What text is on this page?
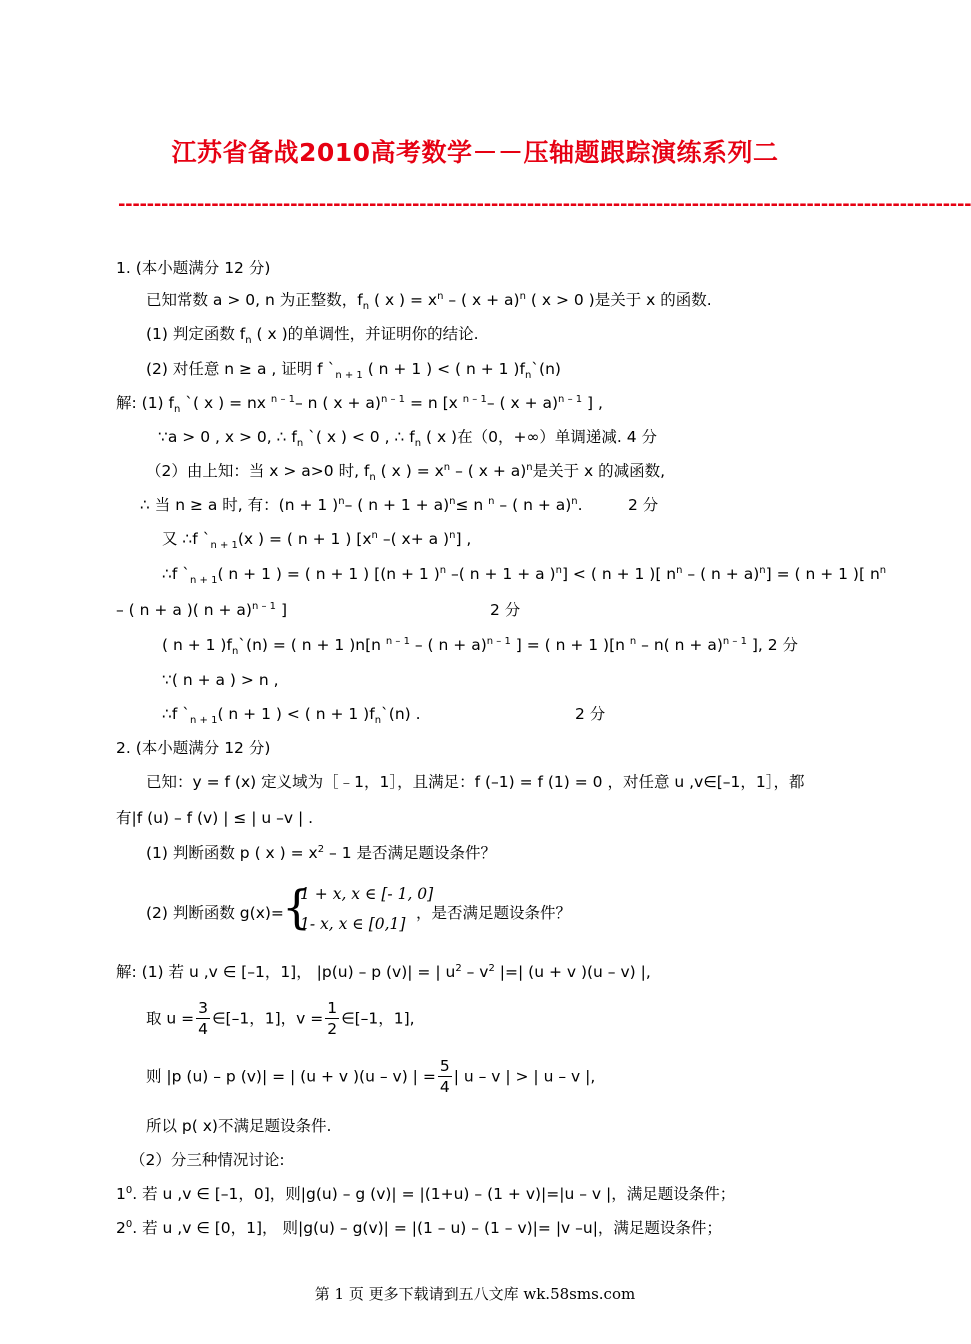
江苏省备战2010高考数学－－压轴题跟踪演练系列二
-----------------------------------------------------------------------------------------------------------------------
1. (本小题满分 12 分)
已知常数 a > 0, n 为正整数，$f_n$ ( x ) = $x^n$ – ( x + a)$^n$ ( x > 0 )是关于 x 的函数.
(1) 判定函数 $f_n$ ( x )的单调性，并证明你的结论.
(2) 对任意 n ≥ a , 证明 f $`_{n + 1}$ ( n + 1 ) < ( n + 1 )$f_n`(n)$
解: (1) $f_n$ `( x ) = nx $^{n - 1}$– n ( x + a)$^{n - 1}$ = n [x $^{n - 1}$– ( x + a)$^{n - 1}$ ] ,
∵a > 0 , x > 0, ∴ $f_n$ `( x ) < 0 , ∴ $f_n$ ( x )在（0，+∞）单调递减. 4 分
（2）由上知：当 x > a>0 时, $f_n$ ( x ) = $x^n$ – ( x + a)$^n$是关于 x 的减函数,
∴ 当 n ≥ a 时, 有：(n + 1 )$^n$– ( n + 1 + a)$^n$≤ n $^n$ – ( n + a)$^n$.	2 分
又 ∴f $`_{n + 1}(x$ ) = ( n + 1 ) [$x^n$ –( x+ a )$^n$] ,
∴f $`_{n + 1}$( n + 1 ) = ( n + 1 ) [(n + 1 )$^n$ –( n + 1 + a )$^n$] < ( n + 1 )[ $n^n$ – ( n + a)$^n$] = ( n + 1 )[ $n^n$
– ( n + a )( n + a)$^{n - 1}$ ]	2 分
( n + 1 )$f_n`(n)$ = ( n + 1 )n[n $^{n - 1}$ – ( n + a)$^{n - 1}$ ] = ( n + 1 )[n $^n$ – n( n + a)$^{n - 1}$ ], 2 分
∵( n + a ) > n ,
∴f $`_{n + 1}$( n + 1 ) < ( n + 1 )$f_n`(n)$ .	2 分
2. (本小题满分 12 分)
已知：y = f (x) 定义域为［﹣1，1］，且满足：f (–1) = f (1) = 0 ，对任意 u ,v∈[–1，1］，都
有|f (u) – f (v) | ≤ | u –v | .
(1) 判断函数 p ( x ) = $x^2 - 1$ 是否满足题设条件？
(2) 判断函数 g(x)=
{
1 + x, x ∈ [- 1, 0]
1- x, x ∈ [0,1]
，是否满足题设条件？
解: (1) 若 u ,v ∈ [–1，1]， |p(u) – p (v)| = | $u^2 - v^2$ |=| (u + v )(u – v) |,
取 $u = \frac{3}{4}$ ∈[–1，1]，$v = \frac{1}{2}$ ∈[–1，1],
则 |p (u) – p (v)| = | (u + v )(u – v) | = $\frac{5}{4}$ | u – v | > | u – v |,
所以 p( x)不满足题设条件.
（2）分三种情况讨论:
$1^0$. 若 u ,v ∈ [–1，0]，则|g(u) – g (v)| = |(1+u) – (1 + v)|=|u – v |，满足题设条件；
$2^0$. 若 u ,v ∈ [0，1]， 则|g(u) – g(v)| = |(1 – u) – (1 – v)|= |v –u|，满足题设条件；
第 1 页 更多下载请到五八文库 wk.58sms.com
